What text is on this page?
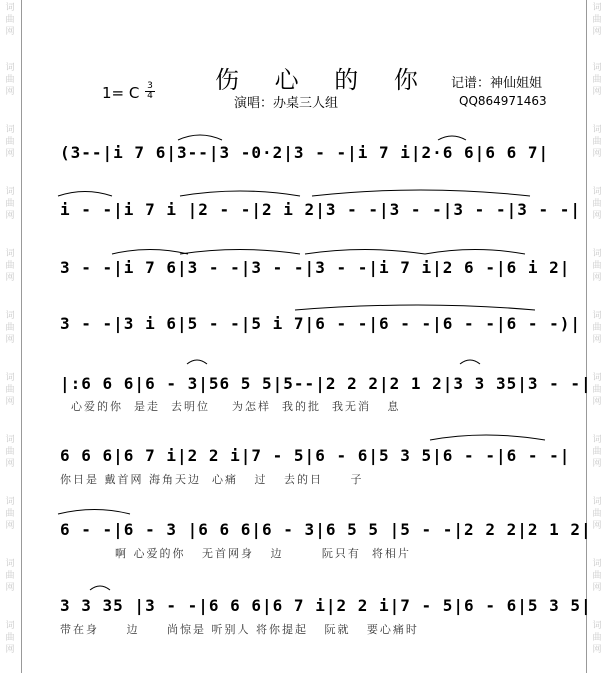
词
曲
网
词
曲
网
词
曲
网
词
曲
网
词
曲
网
词
曲
网
词
曲
网
词
曲
网
词
曲
网
词
曲
网
词
曲
网
词
曲
网
词
曲
网
词
曲
网
词
曲
网
词
曲
网
词
曲
网
词
曲
网
词
曲
网
词
曲
网
词
曲
网
词
曲
网
伤 心 的 你
演唱：办桌三人组
1= C 3
4
记谱：神仙姐姐
QQ864971463
(3--|i 7 6|3--|3 -0·2|3 - -|i 7 i|2·6 6|6 6 7|
i - -|i 7 i |2 - -|2 i 2|3 - -|3 - -|3 - -|3 - -|
3 - -|i 7 6|3 - -|3 - -|3 - -|i 7 i|2 6 -|6 i 2|
3 - -|3 i 6|5 - -|5 i 7|6 - -|6 - -|6 - -|6 - -)|
|:6 6 6|6 - 3|56 5 5|5--|2 2 2|2 1 2|3 3 35|3 - -|
心爱的你  是走  去明位    为怎样  我的批  我无消   息
6 6 6|6 7 i|2 2 i|7 - 5|6 - 6|5 3 5|6 - -|6 - -|
你日是 戴首网 海角天边  心痛   过   去的日     子
6 - -|6 - 3 |6 6 6|6 - 3|6 5 5 |5 - -|2 2 2|2 1 2|
啊 心爱的你   无首网身   边       阮只有  将相片
3 3 35 |3 - -|6 6 6|6 7 i|2 2 i|7 - 5|6 - 6|5 3 5|
带在身     边     尚惊是 听别人 将你提起   阮就   要心痛时
